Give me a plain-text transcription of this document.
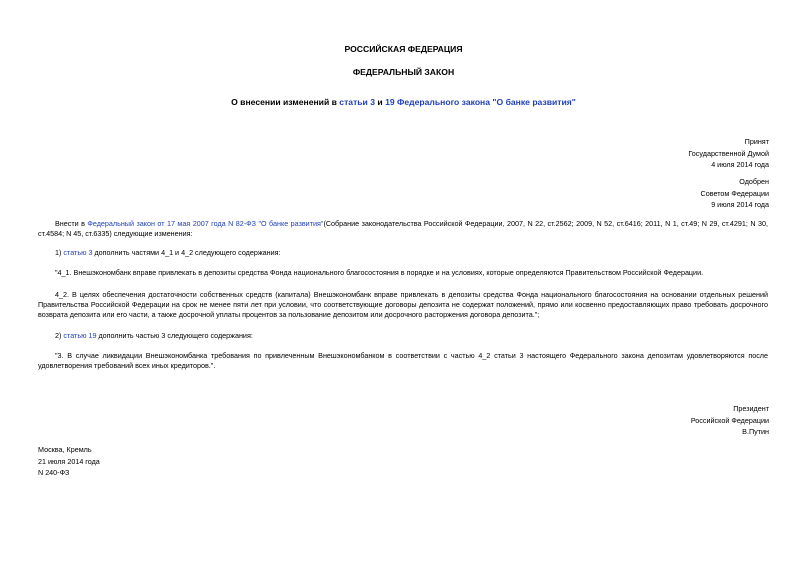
РОССИЙСКАЯ ФЕДЕРАЦИЯ
ФЕДЕРАЛЬНЫЙ ЗАКОН
О внесении изменений в статьи 3 и 19 Федерального закона "О банке развития"
Принят
Государственной Думой
4 июля 2014 года
Одобрен
Советом Федерации
9 июля 2014 года
Внести в Федеральный закон от 17 мая 2007 года N 82-ФЗ "О банке развития"(Собрание законодательства Российской Федерации, 2007, N 22, ст.2562; 2009, N 52, ст.6416; 2011, N 1, ст.49; N 29, ст.4291; N 30, ст.4584; N 45, ст.6335) следующие изменения:
1) статью 3 дополнить частями 4_1 и 4_2 следующего содержания:
"4_1. Внешэкономбанк вправе привлекать в депозиты средства Фонда национального благосостояния в порядке и на условиях, которые определяются Правительством Российской Федерации.
4_2. В целях обеспечения достаточности собственных средств (капитала) Внешэкономбанк вправе привлекать в депозиты средства Фонда национального благосостояния на основании отдельных решений Правительства Российской Федерации на срок не менее пяти лет при условии, что соответствующие договоры депозита не содержат положений, прямо или косвенно предоставляющих право требовать досрочного возврата депозита или его части, а также досрочной уплаты процентов за пользование депозитом или досрочного расторжения договора депозита.";
2) статью 19 дополнить частью 3 следующего содержания:
"3. В случае ликвидации Внешэкономбанка требования по привлеченным Внешэкономбанком в соответствии с частью 4_2 статьи 3 настоящего Федерального закона депозитам удовлетворяются после удовлетворения требований всех иных кредиторов.".
Президент
Российской Федерации
В.Путин
Москва, Кремль
21 июля 2014 года
N 240-ФЗ
